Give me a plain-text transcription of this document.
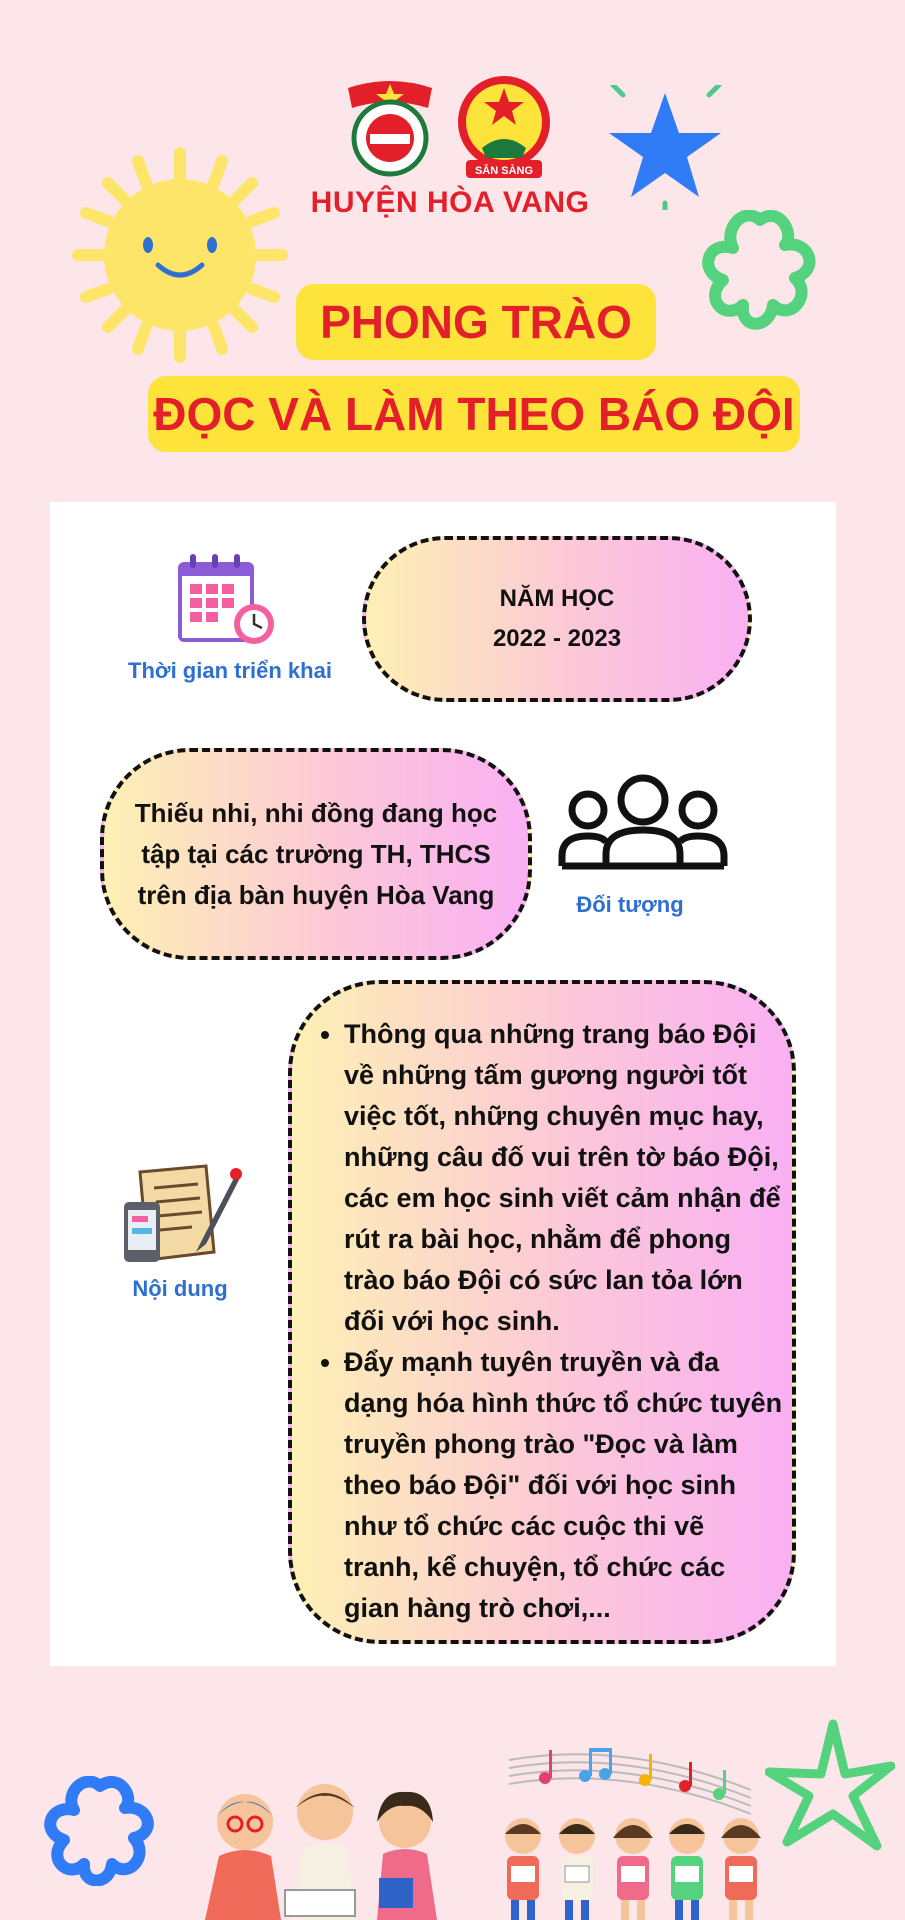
SẴN SÀNG
HUYỆN HÒA VANG
PHONG TRÀO
ĐỌC VÀ LÀM THEO BÁO ĐỘI
Thời gian triển khai
NĂM HỌC
2022 - 2023
Thiếu nhi, nhi đồng đang học tập tại các trường TH, THCS trên địa bàn huyện Hòa Vang	Đối tượng
Nội dung
• Thông qua những trang báo Đội về những tấm gương người tốt việc tốt, những chuyên mục hay, những câu đố vui trên tờ báo Đội, các em học sinh viết cảm nhận để rút ra bài học, nhằm để phong trào báo Đội có sức lan tỏa lớn đối với học sinh.
• Đẩy mạnh tuyên truyền và đa dạng hóa hình thức tổ chức tuyên truyền phong trào "Đọc và làm theo báo Đội" đối với học sinh như tổ chức các cuộc thi vẽ tranh, kể chuyện, tổ chức các gian hàng trò chơi,...
